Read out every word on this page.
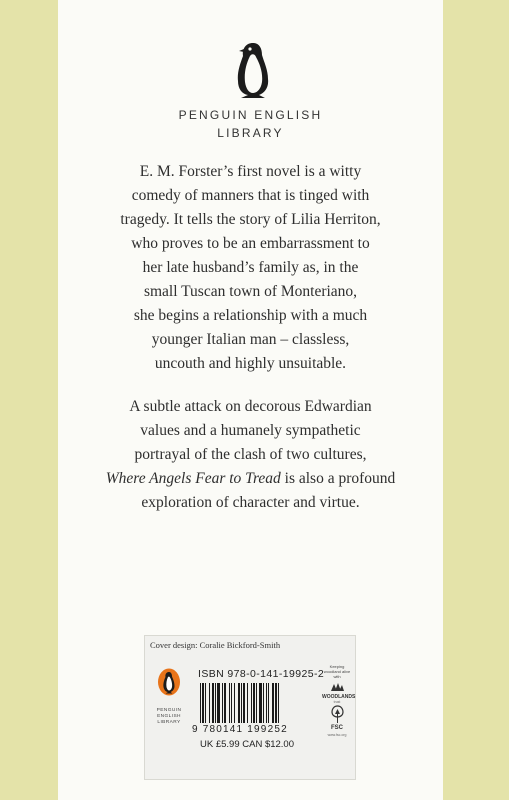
PENGUIN ENGLISH
LIBRARY

E. M. Forster’s first novel is a witty
comedy of manners that is tinged with
tragedy. It tells the story of Lilia Herriton,
who proves to be an embarrassment to
her late husband’s family as, in the
small Tuscan town of Monteriano,
she begins a relationship with a much
younger Italian man – classless,
uncouth and highly unsuitable.

A subtle attack on decorous Edwardian
values and a humanely sympathetic
portrayal of the clash of two cultures,
Where Angels Fear to Tread is also a profound
exploration of character and virtue.

Cover design: Coralie Bickford-Smith
PENGUIN
ENGLISH
LIBRARY
ISBN 978-0-141-19925-2
9 780141 199252
UK £5.99 CAN $12.00
Keeping woodland alive with
WOODLANDS
trust
FSC
www.fsc.org
